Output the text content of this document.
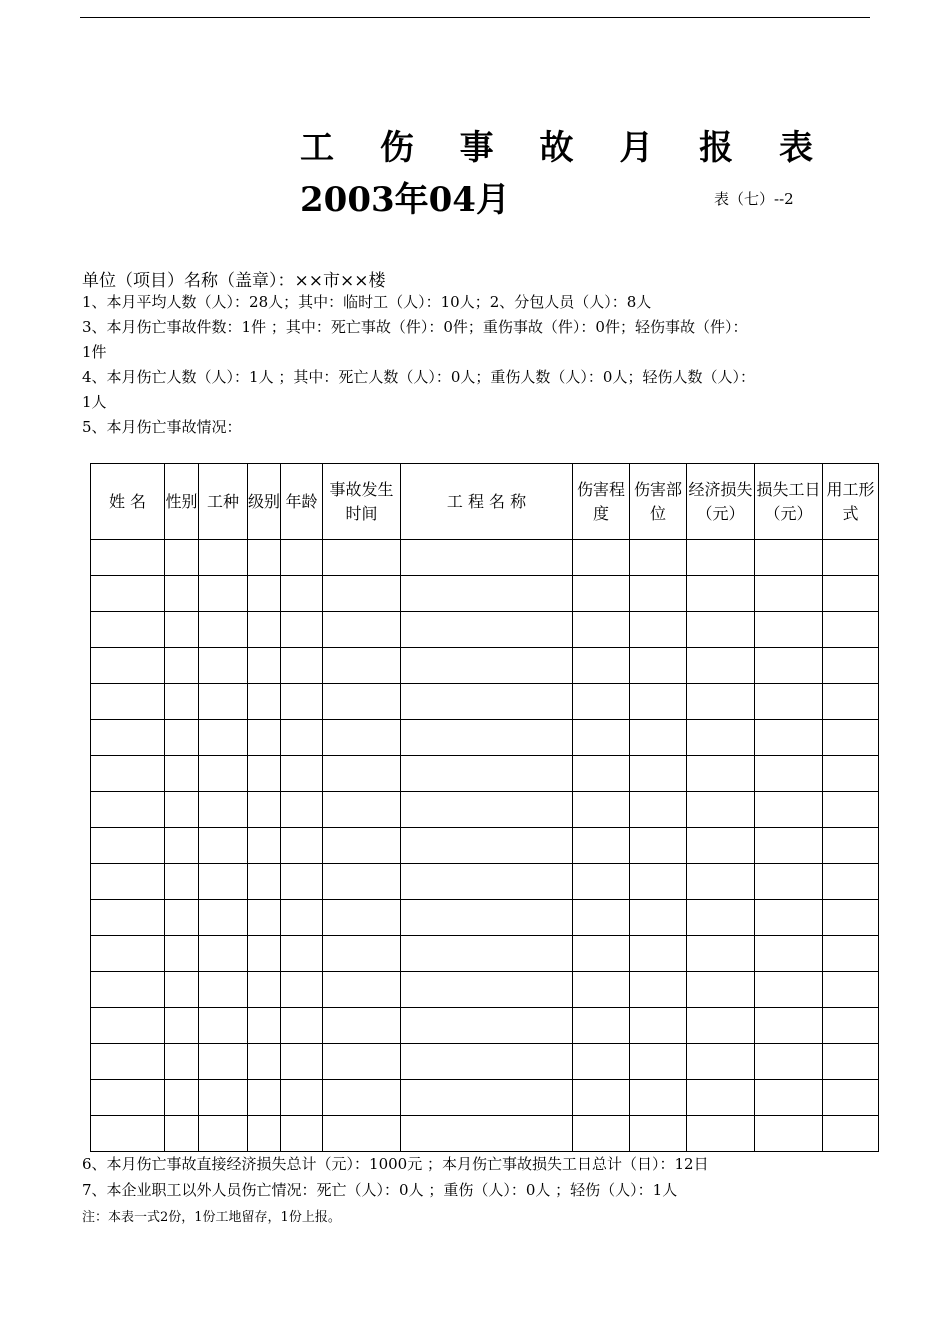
工 伤 事 故 月 报 表
2003年04月	表（七）--2
单位（项目）名称（盖章）：××市××楼
1、本月平均人数（人）：28人；其中：临时工（人）：10人；2、分包人员（人）：8人
3、本月伤亡事故件数：1件 ；其中：死亡事故（件）：0件；重伤事故（件）：0件；轻伤事故（件）：
1件
4、本月伤亡人数（人）：1人 ；其中：死亡人数（人）：0人；重伤人数（人）：0人；轻伤人数（人）：
1人
5、本月伤亡事故情况：
姓 名	性别	工种	级别	年龄	事故发生时间	工 程 名 称	伤害程度	伤害部位	经济损失（元）	损失工日（元）	用工形式

6、本月伤亡事故直接经济损失总计（元）：1000元 ；本月伤亡事故损失工日总计（日）：12日
7、本企业职工以外人员伤亡情况：死亡（人）：0人 ；重伤（人）：0人 ；轻伤（人）：1人
注：本表一式2份，1份工地留存，1份上报。
